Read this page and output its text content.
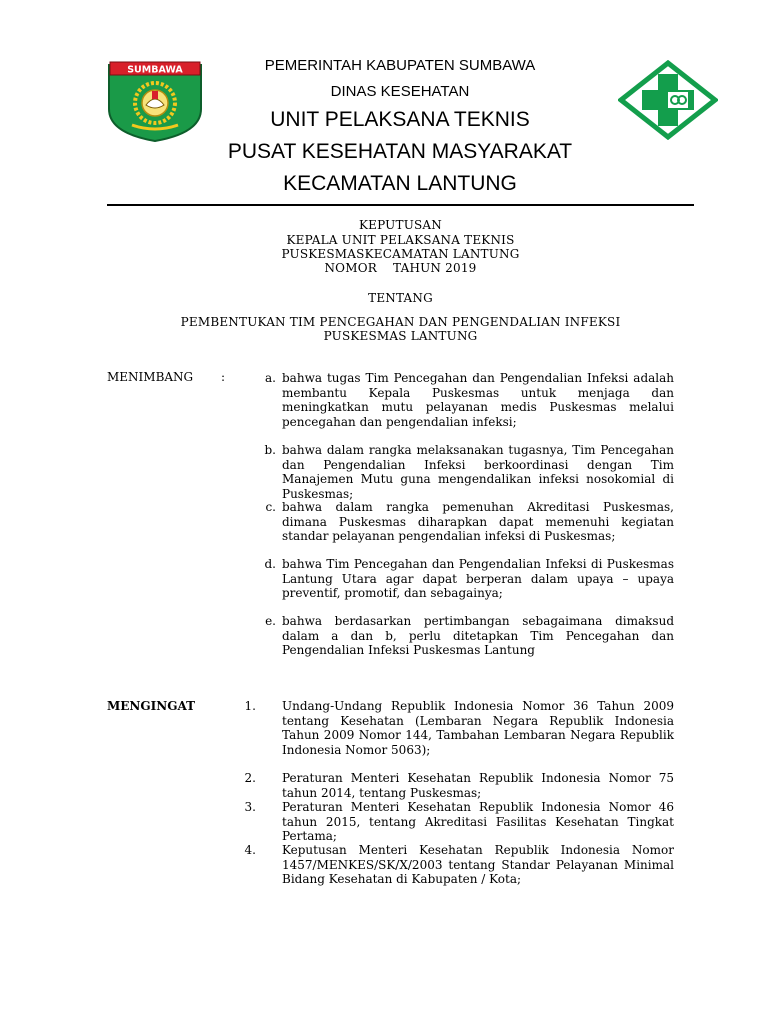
SUMBAWA	PEMERINTAH KABUPATEN SUMBAWA
DINAS KESEHATAN
UNIT PELAKSANA TEKNIS
PUSAT KESEHATAN MASYARAKAT
KECAMATAN LANTUNG
KEPUTUSAN
KEPALA UNIT PELAKSANA TEKNIS
PUSKESMASKECAMATAN LANTUNG
NOMOR    TAHUN 2019
TENTANG
PEMBENTUKAN TIM PENCEGAHAN DAN PENGENDALIAN INFEKSI
PUSKESMAS LANTUNG
MENIMBANG :	a. bahwa tugas Tim Pencegahan dan Pengendalian Infeksi adalah membantu Kepala Puskesmas untuk menjaga dan meningkatkan mutu pelayanan medis Puskesmas melalui pencegahan dan pengendalian infeksi;

b. bahwa dalam rangka melaksanakan tugasnya, Tim Pencegahan dan Pengendalian Infeksi berkoordinasi dengan Tim Manajemen Mutu guna mengendalikan infeksi nosokomial di Puskesmas;

c. bahwa dalam rangka pemenuhan Akreditasi Puskesmas, dimana Puskesmas diharapkan dapat memenuhi kegiatan standar pelayanan pengendalian infeksi di Puskesmas;

d. bahwa Tim Pencegahan dan Pengendalian Infeksi di Puskesmas Lantung Utara agar dapat berperan dalam upaya – upaya preventif, promotif, dan sebagainya;

e. bahwa berdasarkan pertimbangan sebagaimana dimaksud dalam a dan b, perlu ditetapkan Tim Pencegahan dan Pengendalian Infeksi Puskesmas Lantung

MENGINGAT	1. Undang-Undang Republik Indonesia Nomor 36 Tahun 2009 tentang Kesehatan (Lembaran Negara Republik Indonesia Tahun 2009 Nomor 144, Tambahan Lembaran Negara Republik Indonesia Nomor 5063);

2. Peraturan Menteri Kesehatan Republik Indonesia Nomor 75 tahun 2014, tentang Puskesmas;

3. Peraturan Menteri Kesehatan Republik Indonesia Nomor 46 tahun 2015, tentang Akreditasi Fasilitas Kesehatan Tingkat Pertama;

4. Keputusan Menteri Kesehatan Republik Indonesia Nomor 1457/MENKES/SK/X/2003 tentang Standar Pelayanan Minimal Bidang Kesehatan di Kabupaten / Kota;
